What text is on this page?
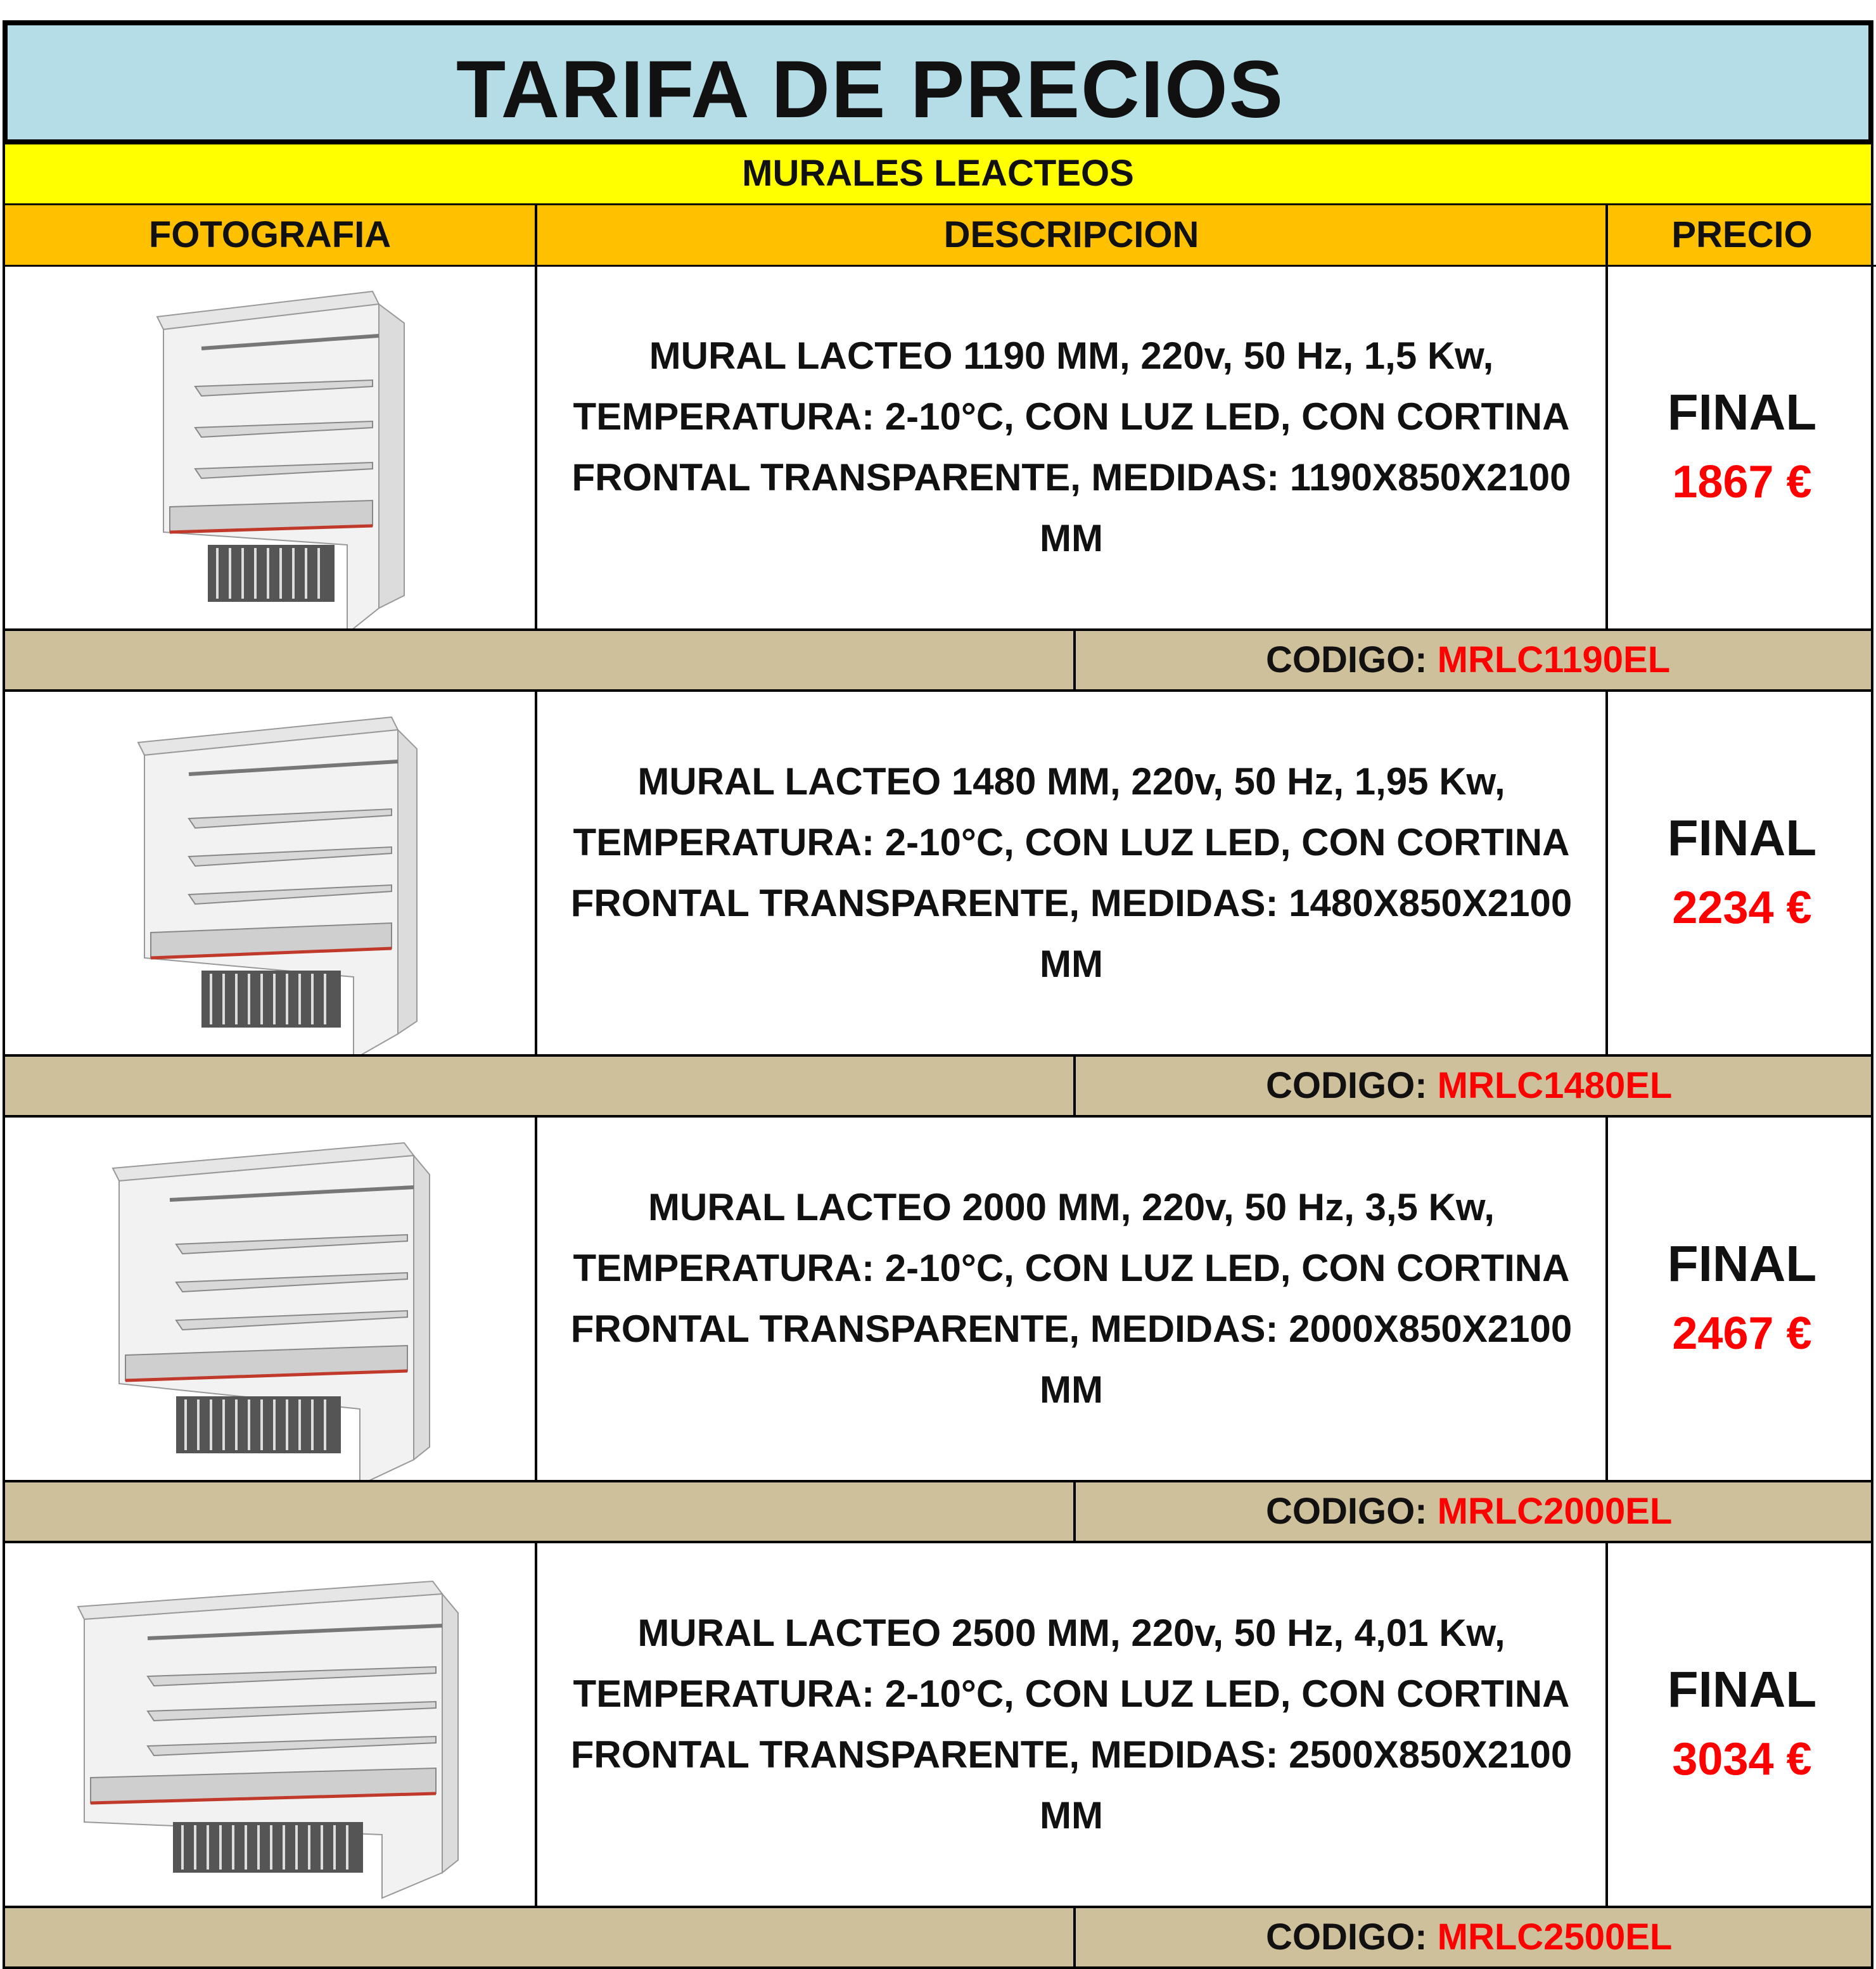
TARIFA DE PRECIOS
MURALES LEACTEOS
FOTOGRAFIA	DESCRIPCION	PRECIO
MURAL LACTEO 1190 MM, 220v, 50 Hz, 1,5 Kw, TEMPERATURA: 2-10°C, CON LUZ LED, CON CORTINA FRONTAL TRANSPARENTE, MEDIDAS: 1190X850X2100 MM
FINAL
1867 €
CODIGO: MRLC1190EL
MURAL LACTEO 1480 MM, 220v, 50 Hz, 1,95 Kw, TEMPERATURA: 2-10°C, CON LUZ LED, CON CORTINA FRONTAL TRANSPARENTE, MEDIDAS: 1480X850X2100 MM
FINAL
2234 €
CODIGO: MRLC1480EL
MURAL LACTEO 2000 MM, 220v, 50 Hz, 3,5 Kw, TEMPERATURA: 2-10°C, CON LUZ LED, CON CORTINA FRONTAL TRANSPARENTE, MEDIDAS: 2000X850X2100 MM
FINAL
2467 €
CODIGO: MRLC2000EL
MURAL LACTEO 2500 MM, 220v, 50 Hz, 4,01 Kw, TEMPERATURA: 2-10°C, CON LUZ LED, CON CORTINA FRONTAL TRANSPARENTE, MEDIDAS: 2500X850X2100 MM
FINAL
3034 €
CODIGO: MRLC2500EL
